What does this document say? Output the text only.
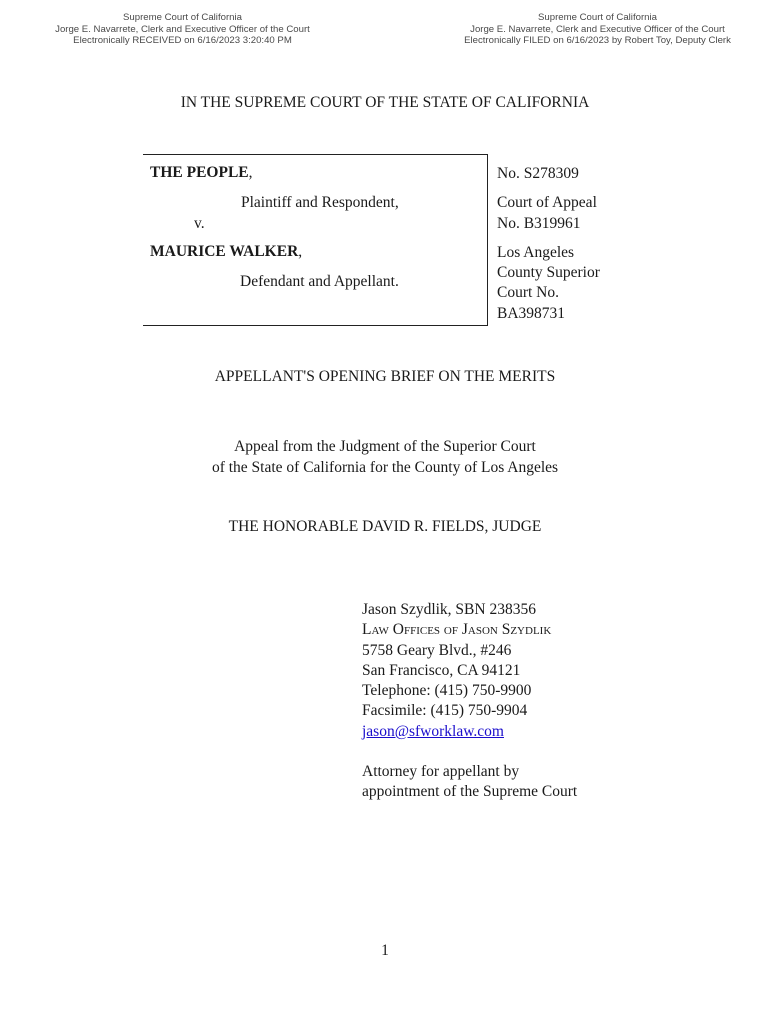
Supreme Court of California
Jorge E. Navarrete, Clerk and Executive Officer of the Court
Electronically RECEIVED on 6/16/2023 3:20:40 PM
Supreme Court of California
Jorge E. Navarrete, Clerk and Executive Officer of the Court
Electronically FILED on 6/16/2023 by Robert Toy, Deputy Clerk
IN THE SUPREME COURT OF THE STATE OF CALIFORNIA
THE PEOPLE,
Plaintiff and Respondent,
v.
MAURICE WALKER,
Defendant and Appellant.
No. S278309
Court of Appeal
No. B319961
Los Angeles
County Superior
Court No.
BA398731
APPELLANT'S OPENING BRIEF ON THE MERITS
Appeal from the Judgment of the Superior Court
of the State of California for the County of Los Angeles
THE HONORABLE DAVID R. FIELDS, JUDGE
Jason Szydlik, SBN 238356
Law Offices of Jason Szydlik
5758 Geary Blvd., #246
San Francisco, CA 94121
Telephone: (415) 750-9900
Facsimile: (415) 750-9904
jason@sfworklaw.com
Attorney for appellant by
appointment of the Supreme Court
1
